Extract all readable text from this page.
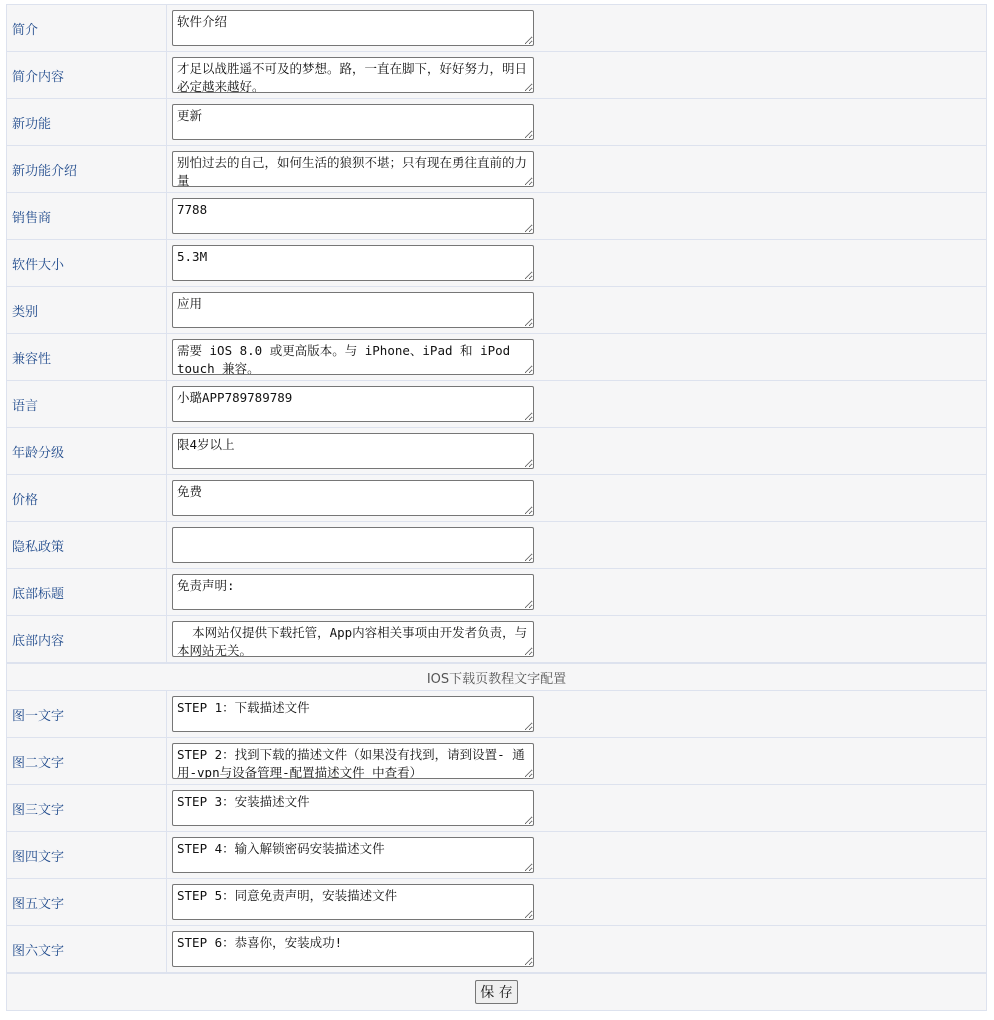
简介
软件介绍
简介内容
才足以战胜遥不可及的梦想。路，一直在脚下，好好努力，明日必定越来越好。
新功能
更新
新功能介绍
别怕过去的自己，如何生活的狼狈不堪；只有现在勇往直前的力量
销售商
7788
软件大小
5.3M
类别
应用
兼容性
需要 iOS 8.0 或更高版本。与 iPhone、iPad 和 iPod touch 兼容。
语言
小璐APP789789789
年龄分级
限4岁以上
价格
免费
隐私政策
底部标题
免责声明:
底部内容
本网站仅提供下载托管，App内容相关事项由开发者负责，与本网站无关。
IOS下载页教程文字配置
图一文字
STEP 1：下载描述文件
图二文字
STEP 2：找到下载的描述文件（如果没有找到，请到设置- 通用-vpn与设备管理-配置描述文件 中查看）
图三文字
STEP 3：安装描述文件
图四文字
STEP 4：输入解锁密码安装描述文件
图五文字
STEP 5：同意免责声明，安装描述文件
图六文字
STEP 6：恭喜你，安装成功!
保 存
